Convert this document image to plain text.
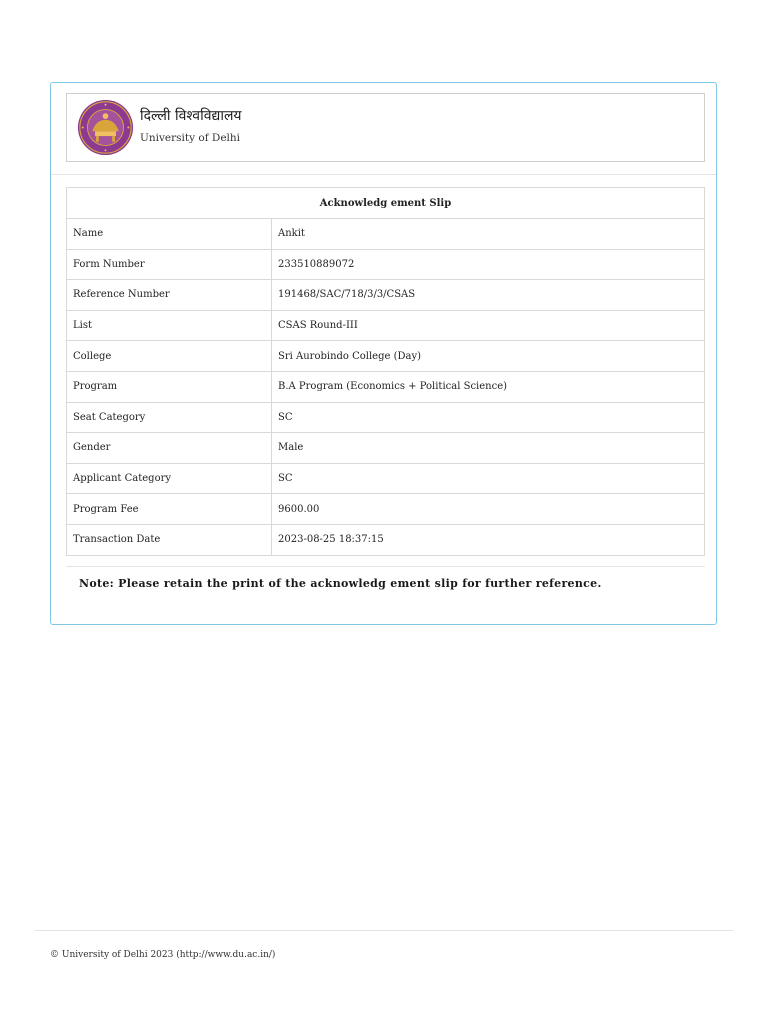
दिल्ली विश्वविद्यालय
University of Delhi
Acknowledg ement Slip	
Name	Ankit
Form Number	233510889072
Reference Number	191468/SAC/718/3/3/CSAS
List	CSAS Round-III
College	Sri Aurobindo College (Day)
Program	B.A Program (Economics + Political Science)
Seat Category	SC
Gender	Male
Applicant Category	SC
Program Fee	9600.00
Transaction Date	2023-08-25 18:37:15
Note: Please retain the print of the acknowledg ement slip for further reference.
© University of Delhi 2023 (http://www.du.ac.in/)
